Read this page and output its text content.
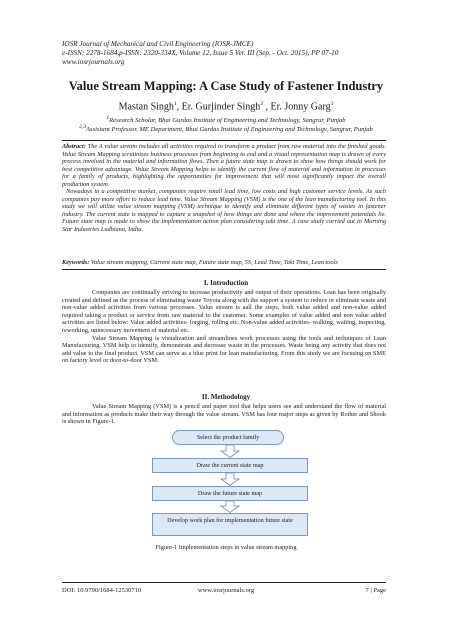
IOSR Journal of Mechanical and Civil Engineering (IOSR-JMCE)
e-ISSN: 2278-1684,p-ISSN: 2320-334X, Volume 12, Issue 5 Ver. III (Sep. - Oct. 2015), PP 07-10
www.iosrjournals.org
Value Stream Mapping: A Case Study of Fastener Industry
Mastan Singh$^1$, Er. Gurjinder Singh$^2$ , Er. Jonny Garg$^3$
$^1$Research Scholar, Bhai Gurdas Institute of Engineering and Technology, Sangrur, Punjab
$^{2,3}$Assistant Professor, ME Department, Bhai Gurdas Institute of Engineering and Technology, Sangrur, Punjab
Abstract: The A value stream includes all activities required to transform a product from raw material into the finished goods. Value Stream Mapping scrutinizes business processes from beginning to end and a visual representation map is drawn of every process involved in the material and information flows. Then a future state map is drawn to show how things should work for best competitive advantage. Value Stream Mapping helps to identify the current flow of material and information in processes for a family of products, highlighting the opportunities for improvement that will most significantly impact the overall production system.
Nowadays in a competitive market, companies require small lead time, low costs and high customer service levels. As such companies pay more effort to reduce lead time. Value Stream Mapping (VSM) is the one of the lean manufacturing tool. In this study we will utilize value stream mapping (VSM) technique to identify and eliminate different types of wastes in fastener industry. The current state is mapped to capture a snapshot of how things are done and where the improvement potentials lie. Future state map is made to show the implementation action plan considering takt time. A case study carried out in Morning Star Industries Ludhiana, India.
Keywords: Value stream mapping, Current state map, Future state map, 5S, Lead Time, Takt Time, Lean tools
I. Introduction

Companies are continually striving to increase productivity and output of their operations. Lean has been originally created and defined as the process of eliminating waste Toyota along with the support a system to reduce or eliminate waste and non-value added activities from various processes. Value stream is aall the steps, both value added and non-value added required taking a product or service from raw material to the customer. Some examples of value added and non value added activities are listed below: Value added activities- forging, rolling etc. Non-value added activities- walking, waiting, inspecting, reworking, unnecessary movement of material etc.

Value Stream Mapping is visualization and streamlines work processes using the tools and techniques of Lean Manufacturing. VSM help to identify, demonstrate and decrease waste in the processes. Waste being any activity that does not add value to the final product. VSM can serve as a blue print for lean manufacturing. From this study we are focusing on SME on factory level or door-to-door VSM.

II. Methodology

Value Stream Mapping (VSM) is a pencil and paper tool that helps users see and understand the flow of material and information as products make their way through the value stream. VSM has four major steps as given by Rother and Shook is shown in Figure-1.

Select the product family
Draw the current state map
Draw the future state map
Develop work plan for implementation future state
Figure-1 Implementation steps in value stream mapping
DOI: 10.9790/1684-12530710	www.iosrjournals.org	7 | Page
